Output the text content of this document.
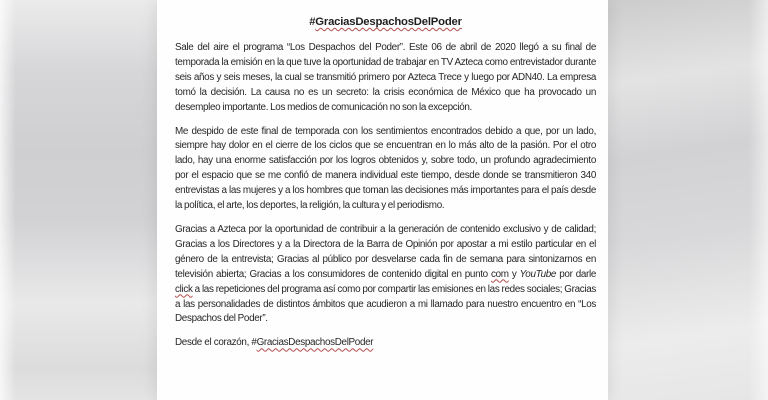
#GraciasDespachosDelPoder

Sale del aire el programa “Los Despachos del Poder”. Este 06 de abril de 2020 llegó a su final de temporada la emisión en la que tuve la oportunidad de trabajar en TV Azteca como entrevistador durante seis años y seis meses, la cual se transmitió primero por Azteca Trece y luego por ADN40. La empresa tomó la decisión. La causa no es un secreto: la crisis económica de México que ha provocado un desempleo importante. Los medios de comunicación no son la excepción.

Me despido de este final de temporada con los sentimientos encontrados debido a que, por un lado, siempre hay dolor en el cierre de los ciclos que se encuentran en lo más alto de la pasión. Por el otro lado, hay una enorme satisfacción por los logros obtenidos y, sobre todo, un profundo agradecimiento por el espacio que se me confió de manera individual este tiempo, desde donde se transmitieron 340 entrevistas a las mujeres y a los hombres que toman las decisiones más importantes para el país desde la política, el arte, los deportes, la religión, la cultura y el periodismo.

Gracias a Azteca por la oportunidad de contribuir a la generación de contenido exclusivo y de calidad; Gracias a los Directores y a la Directora de la Barra de Opinión por apostar a mi estilo particular en el género de la entrevista; Gracias al público por desvelarse cada fin de semana para sintonizarnos en televisión abierta; Gracias a los consumidores de contenido digital en punto com y YouTube por darle click a las repeticiones del programa así como por compartir las emisiones en las redes sociales; Gracias a las personalidades de distintos ámbitos que acudieron a mi llamado para nuestro encuentro en “Los Despachos del Poder”.

Desde el corazón, #GraciasDespachosDelPoder
